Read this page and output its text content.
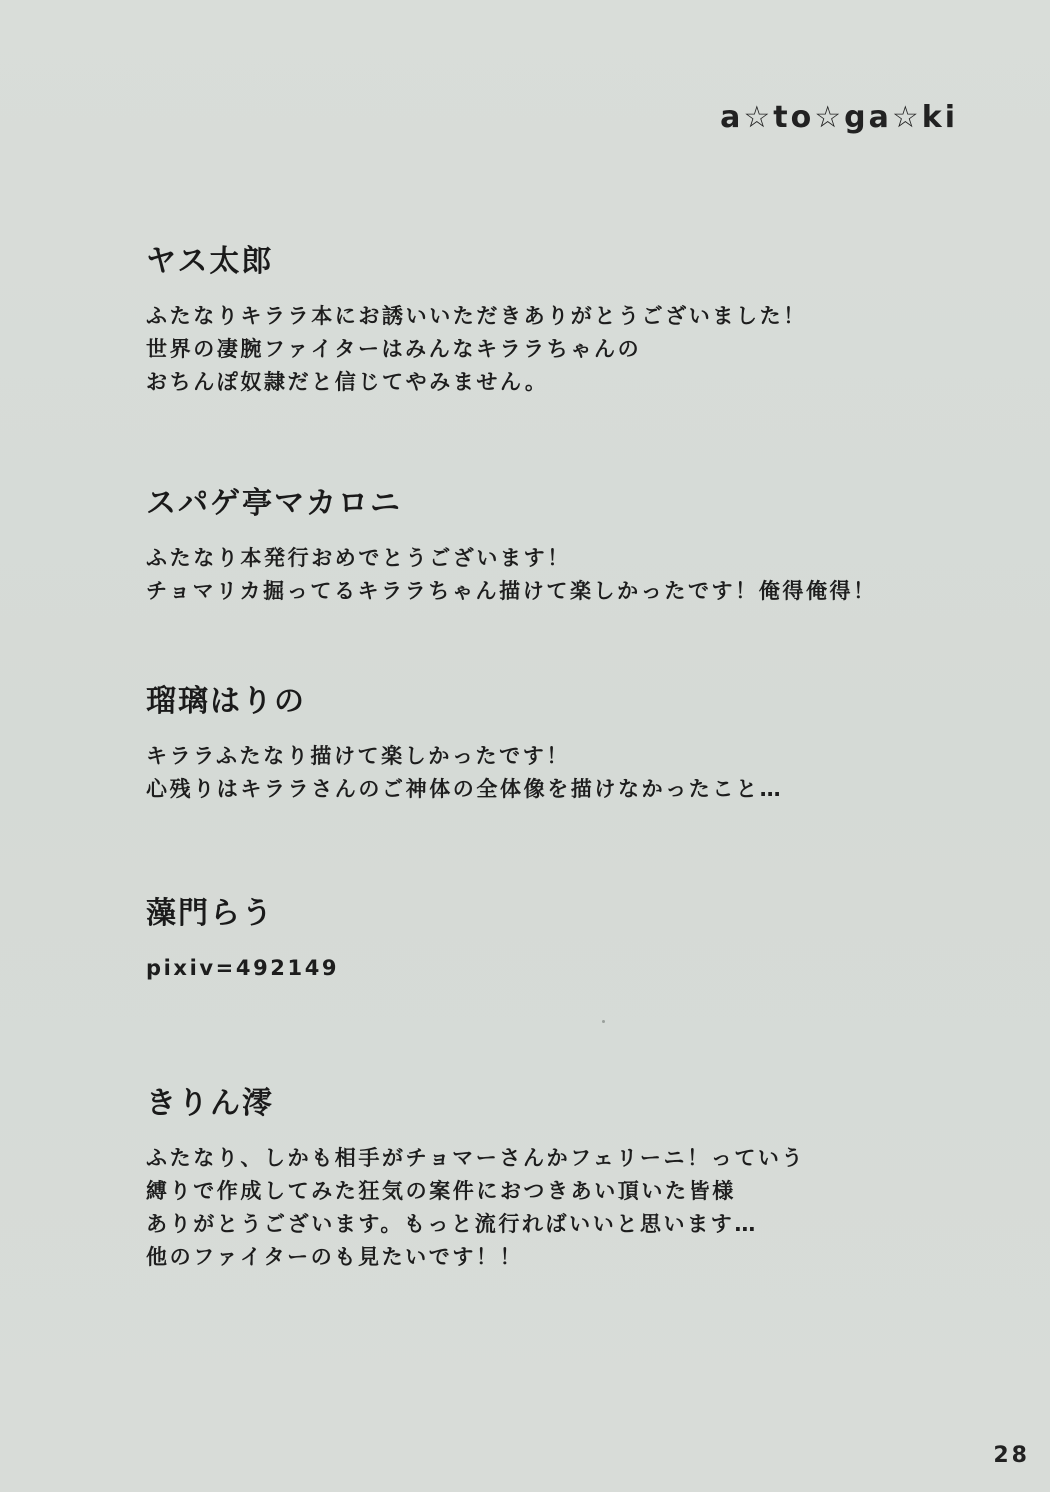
a☆to☆ga☆ki
ヤス太郎
ふたなりキララ本にお誘いいただきありがとうございました！
世界の凄腕ファイターはみんなキララちゃんの
おちんぽ奴隷だと信じてやみません。
スパゲ亭マカロニ
ふたなり本発行おめでとうございます！
チョマリカ掘ってるキララちゃん描けて楽しかったです！俺得俺得！
瑠璃はりの
キララふたなり描けて楽しかったです！
心残りはキララさんのご神体の全体像を描けなかったこと…
藻門らう
pixiv=492149
きりん澪
ふたなり、しかも相手がチョマーさんかフェリーニ！っていう
縛りで作成してみた狂気の案件におつきあい頂いた皆様
ありがとうございます。もっと流行ればいいと思います…
他のファイターのも見たいです！！
28
